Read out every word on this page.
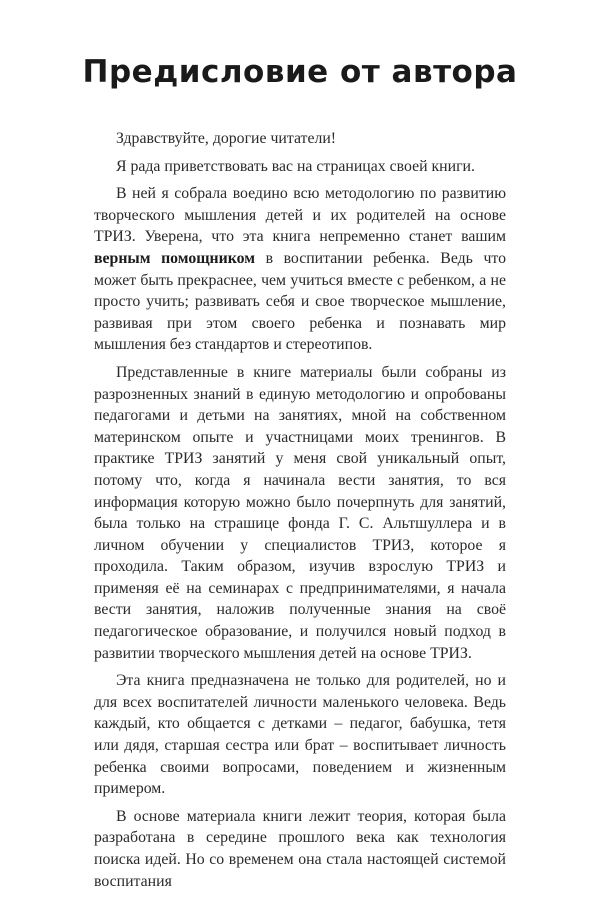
Предисловие от автора

Здравствуйте, дорогие читатели!

Я рада приветствовать вас на страницах своей книги.

В ней я собрала воедино всю методологию по развитию творческого мышления детей и их родителей на основе ТРИЗ. Уверена, что эта книга непременно станет вашим верным помощником в воспитании ребенка. Ведь что может быть прекраснее, чем учиться вместе с ребенком, а не просто учить; развивать себя и свое творческое мышление, развивая при этом своего ребенка и познавать мир мышления без стандартов и стереотипов.

Представленные в книге материалы были собраны из разрозненных знаний в единую методологию и опробованы педагогами и детьми на занятиях, мной на собственном материнском опыте и участницами моих тренингов. В практике ТРИЗ занятий у меня свой уникальный опыт, потому что, когда я начинала вести занятия, то вся информация которую можно было почерпнуть для занятий, была только на страшице фонда Г. С. Альтшуллера и в личном обучении у специалистов ТРИЗ, которое я проходила. Таким образом, изучив взрослую ТРИЗ и применяя её на семинарах с предпринимателями, я начала вести занятия, наложив полученные знания на своё педагогическое образование, и получился новый подход в развитии творческого мышления детей на основе ТРИЗ.

Эта книга предназначена не только для родителей, но и для всех воспитателей личности маленького человека. Ведь каждый, кто общается с детками – педагог, бабушка, тетя или дядя, старшая сестра или брат – воспитывает личность ребенка своими вопросами, поведением и жизненным примером.

В основе материала книги лежит теория, которая была разработана в середине прошлого века как технология поиска идей. Но со временем она стала настоящей системой воспитания
